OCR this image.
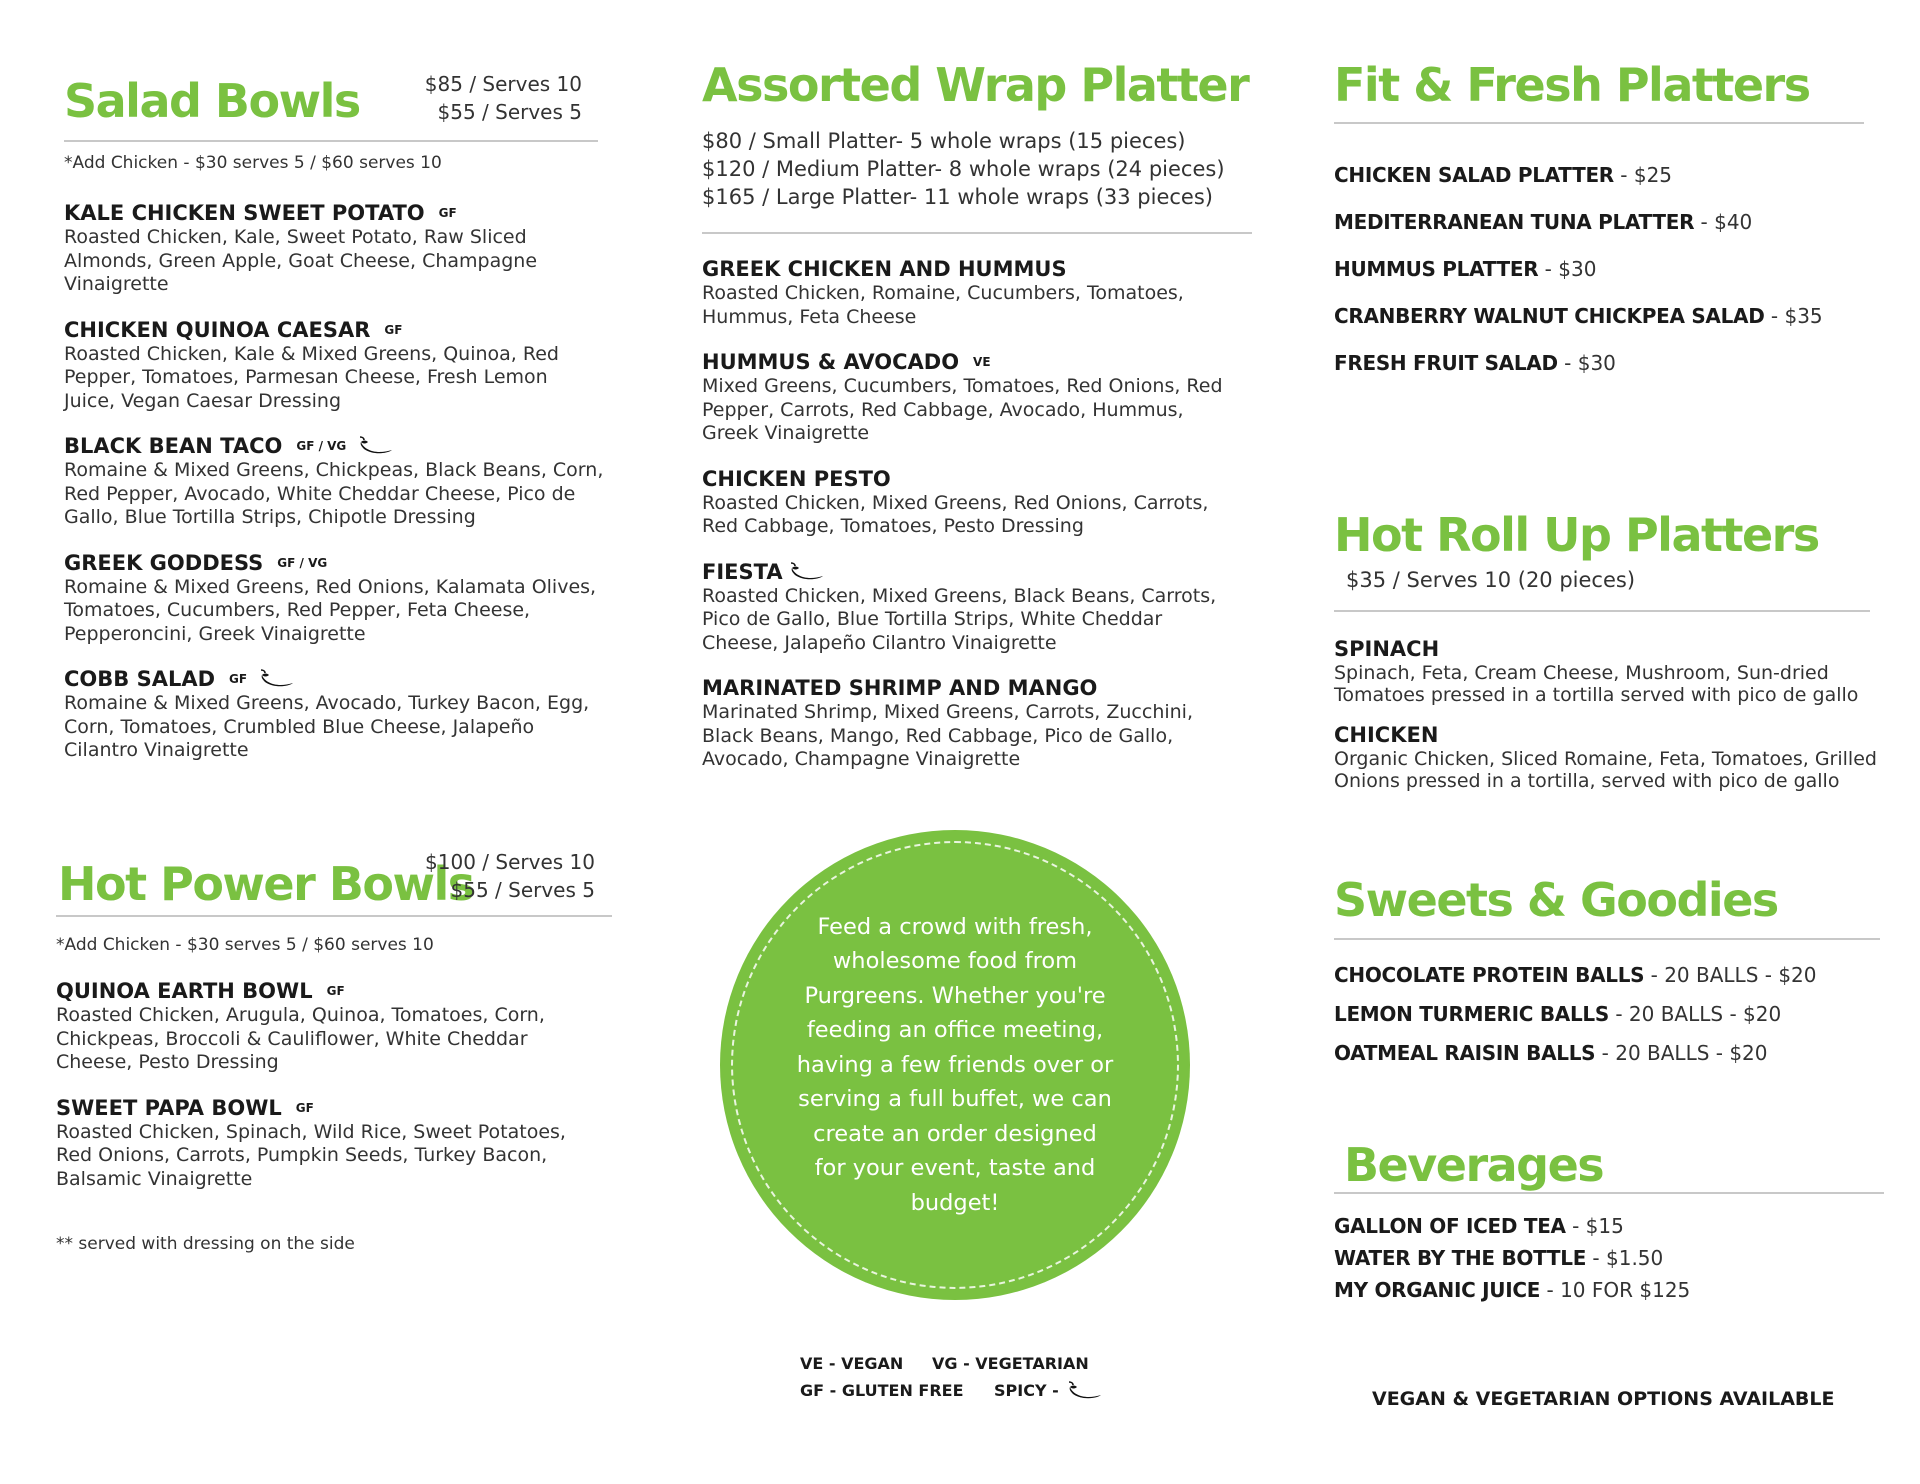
Salad Bowls	$85 / Serves 10
$55 / Serves 5
*Add Chicken - $30 serves 5 / $60 serves 10
KALE CHICKEN SWEET POTATO GF
Roasted Chicken, Kale, Sweet Potato, Raw Sliced Almonds, Green Apple, Goat Cheese, Champagne Vinaigrette
CHICKEN QUINOA CAESAR GF
Roasted Chicken, Kale & Mixed Greens, Quinoa, Red Pepper, Tomatoes, Parmesan Cheese, Fresh Lemon Juice, Vegan Caesar Dressing
BLACK BEAN TACO GF / VG
Romaine & Mixed Greens, Chickpeas, Black Beans, Corn, Red Pepper, Avocado, White Cheddar Cheese, Pico de Gallo, Blue Tortilla Strips, Chipotle Dressing
GREEK GODDESS GF / VG
Romaine & Mixed Greens, Red Onions, Kalamata Olives, Tomatoes, Cucumbers, Red Pepper, Feta Cheese, Pepperoncini, Greek Vinaigrette
COBB SALAD GF
Romaine & Mixed Greens, Avocado, Turkey Bacon, Egg, Corn, Tomatoes, Crumbled Blue Cheese, Jalapeño Cilantro Vinaigrette
Hot Power Bowls
$100 / Serves 10
$55 / Serves 5
*Add Chicken - $30 serves 5 / $60 serves 10
QUINOA EARTH BOWL GF
Roasted Chicken, Arugula, Quinoa, Tomatoes, Corn, Chickpeas, Broccoli & Cauliflower, White Cheddar Cheese, Pesto Dressing
SWEET PAPA BOWL GF
Roasted Chicken, Spinach, Wild Rice, Sweet Potatoes, Red Onions, Carrots, Pumpkin Seeds, Turkey Bacon, Balsamic Vinaigrette
** served with dressing on the side
Assorted Wrap Platter
$80 / Small Platter- 5 whole wraps (15 pieces)
$120 / Medium Platter- 8 whole wraps (24 pieces)
$165 / Large Platter- 11 whole wraps (33 pieces)
GREEK CHICKEN AND HUMMUS
Roasted Chicken, Romaine, Cucumbers, Tomatoes, Hummus, Feta Cheese
HUMMUS & AVOCADO VE
Mixed Greens, Cucumbers, Tomatoes, Red Onions, Red Pepper, Carrots, Red Cabbage, Avocado, Hummus, Greek Vinaigrette
CHICKEN PESTO
Roasted Chicken, Mixed Greens, Red Onions, Carrots, Red Cabbage, Tomatoes, Pesto Dressing
FIESTA
Roasted Chicken, Mixed Greens, Black Beans, Carrots, Pico de Gallo, Blue Tortilla Strips, White Cheddar Cheese, Jalapeño Cilantro Vinaigrette
MARINATED SHRIMP AND MANGO
Marinated Shrimp, Mixed Greens, Carrots, Zucchini, Black Beans, Mango, Red Cabbage, Pico de Gallo, Avocado, Champagne Vinaigrette
Feed a crowd with fresh, wholesome food from Purgreens. Whether you're feeding an office meeting, having a few friends over or serving a full buffet, we can create an order designed for your event, taste and budget!
VE - VEGAN VG - VEGETARIAN
GF - GLUTEN FREE SPICY -
Fit & Fresh Platters
CHICKEN SALAD PLATTER - $25
MEDITERRANEAN TUNA PLATTER - $40
HUMMUS PLATTER - $30
CRANBERRY WALNUT CHICKPEA SALAD - $35
FRESH FRUIT SALAD - $30
Hot Roll Up Platters
$35 / Serves 10 (20 pieces)
SPINACH
Spinach, Feta, Cream Cheese, Mushroom, Sun-dried Tomatoes pressed in a tortilla served with pico de gallo
CHICKEN
Organic Chicken, Sliced Romaine, Feta, Tomatoes, Grilled Onions pressed in a tortilla, served with pico de gallo
Sweets & Goodies
CHOCOLATE PROTEIN BALLS - 20 BALLS - $20
LEMON TURMERIC BALLS - 20 BALLS - $20
OATMEAL RAISIN BALLS - 20 BALLS - $20
Beverages
GALLON OF ICED TEA - $15
WATER BY THE BOTTLE - $1.50
MY ORGANIC JUICE - 10 FOR $125
VEGAN & VEGETARIAN OPTIONS AVAILABLE
